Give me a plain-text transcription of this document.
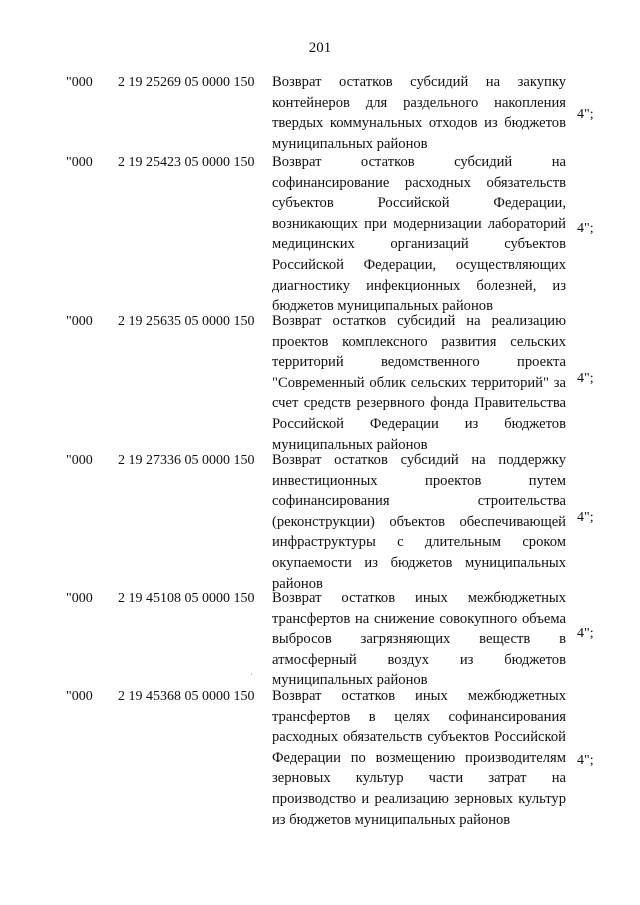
201
"000 2 19 25269 05 0000 150 Возврат остатков субсидий на закупку контейнеров для раздельного накопления твердых коммунальных отходов из бюджетов муниципальных районов
4";
"000 2 19 25423 05 0000 150 Возврат остатков субсидий на софинансирование расходных обязательств субъектов Российской Федерации, возникающих при модернизации лабораторий медицинских организаций субъектов Российской Федерации, осуществляющих диагностику инфекционных болезней, из бюджетов муниципальных районов
4";
"000 2 19 25635 05 0000 150 Возврат остатков субсидий на реализацию проектов комплексного развития сельских территорий ведомственного проекта "Современный облик сельских территорий" за счет средств резервного фонда Правительства Российской Федерации из бюджетов муниципальных районов
4";
"000 2 19 27336 05 0000 150 Возврат остатков субсидий на поддержку инвестиционных проектов путем софинансирования строительства (реконструкции) объектов обеспечивающей инфраструктуры с длительным сроком окупаемости из бюджетов муниципальных районов
4";
"000 2 19 45108 05 0000 150 Возврат остатков иных межбюджетных трансфертов на снижение совокупного объема выбросов загрязняющих веществ в атмосферный воздух из бюджетов муниципальных районов
4";
ˈ
"000 2 19 45368 05 0000 150 Возврат остатков иных межбюджетных трансфертов в целях софинансирования расходных обязательств субъектов Российской Федерации по возмещению производителям зерновых культур части затрат на производство и реализацию зерновых культур из бюджетов муниципальных районов
4";
